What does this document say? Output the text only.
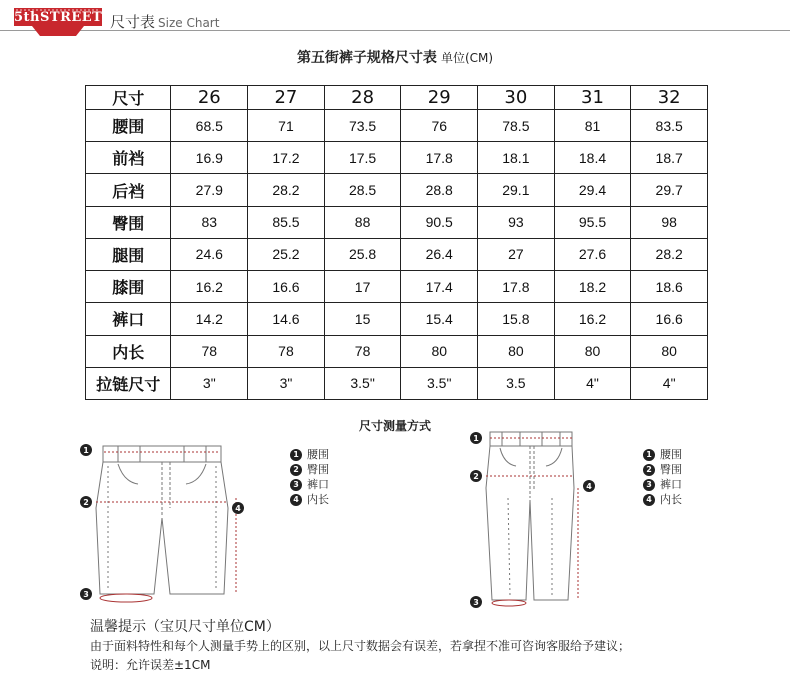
5thSTREET 尺寸表 Size Chart
第五街裤子规格尺寸表 单位(CM)
尺寸	26	27	28	29	30	31	32
腰围	68.5	71	73.5	76	78.5	81	83.5
前裆	16.9	17.2	17.5	17.8	18.1	18.4	18.7
后裆	27.9	28.2	28.5	28.8	29.1	29.4	29.7
臀围	83	85.5	88	90.5	93	95.5	98
腿围	24.6	25.2	25.8	26.4	27	27.6	28.2
膝围	16.2	16.6	17	17.4	17.8	18.2	18.6
裤口	14.2	14.6	15	15.4	15.8	16.2	16.6
内长	78	78	78	80	80	80	80
拉链尺寸	3"	3"	3.5"	3.5"	3.5	4"	4"
尺寸测量方式
1
2
3
4
1 腰围
2 臀围
3 裤口
4 内长
1
2
3
4
1 腰围
2 臀围
3 裤口
4 内长
温馨提示（宝贝尺寸单位CM）
由于面料特性和每个人测量手势上的区别，以上尺寸数据会有误差，若拿捏不准可咨询客服给予建议；
说明：允许误差±1CM
